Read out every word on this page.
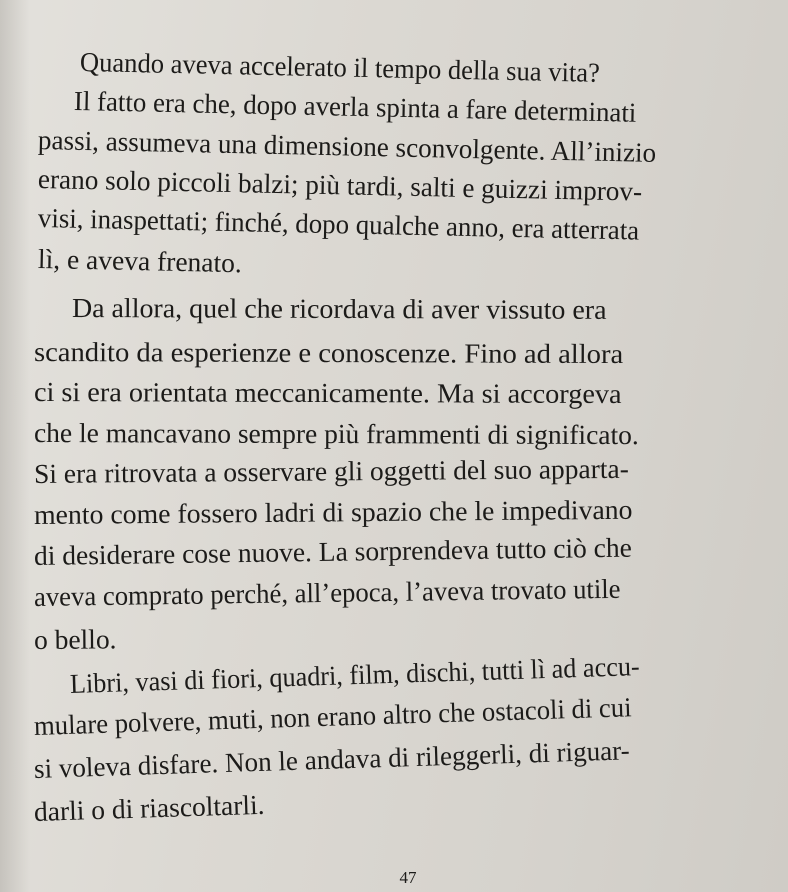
Quando aveva accelerato il tempo della sua vita?
Il fatto era che, dopo averla spinta a fare determinati
passi, assumeva una dimensione sconvolgente. All’inizio
erano solo piccoli balzi; più tardi, salti e guizzi improv-
visi, inaspettati; finché, dopo qualche anno, era atterrata
lì, e aveva frenato.
Da allora, quel che ricordava di aver vissuto era
scandito da esperienze e conoscenze. Fino ad allora
ci si era orientata meccanicamente. Ma si accorgeva
che le mancavano sempre più frammenti di significato.
Si era ritrovata a osservare gli oggetti del suo apparta-
mento come fossero ladri di spazio che le impedivano
di desiderare cose nuove. La sorprendeva tutto ciò che
aveva comprato perché, all’epoca, l’aveva trovato utile
o bello.
Libri, vasi di fiori, quadri, film, dischi, tutti lì ad accu-
mulare polvere, muti, non erano altro che ostacoli di cui
si voleva disfare. Non le andava di rileggerli, di riguar-
darli o di riascoltarli.
47
